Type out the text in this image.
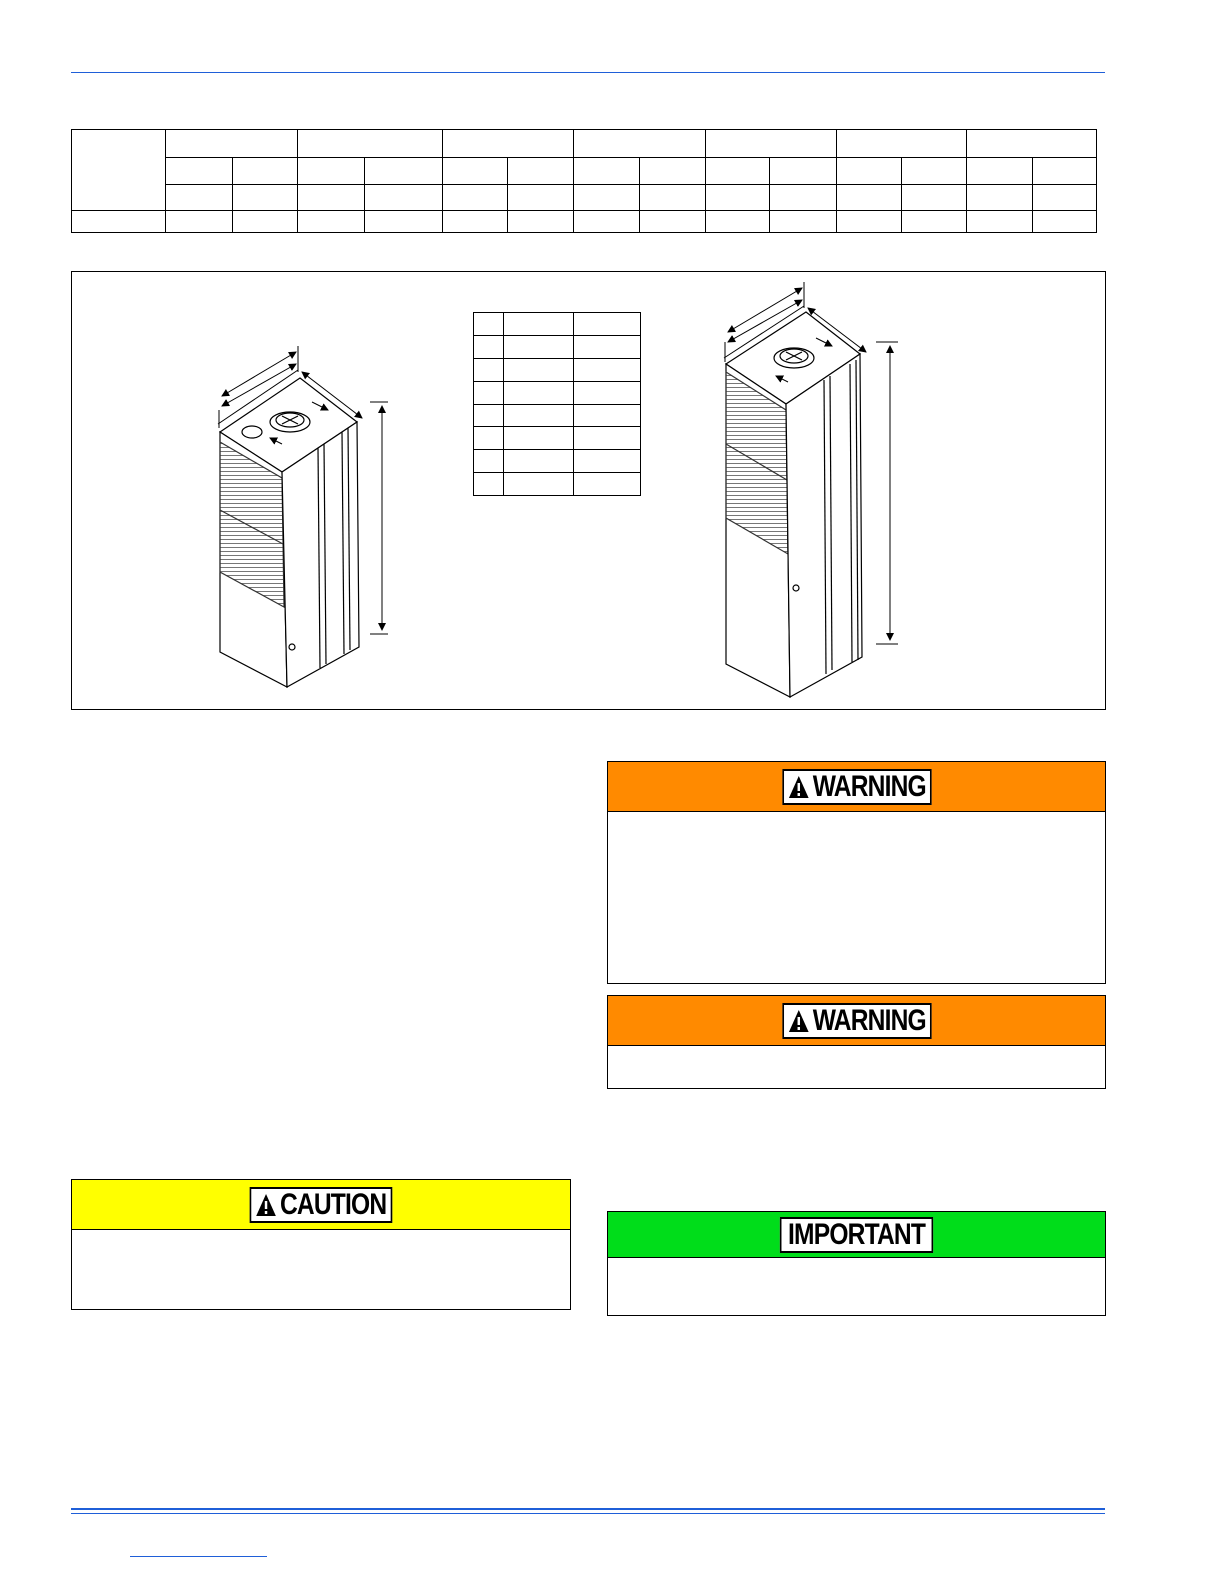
WARNING
WARNING
CAUTION
IMPORTANT
